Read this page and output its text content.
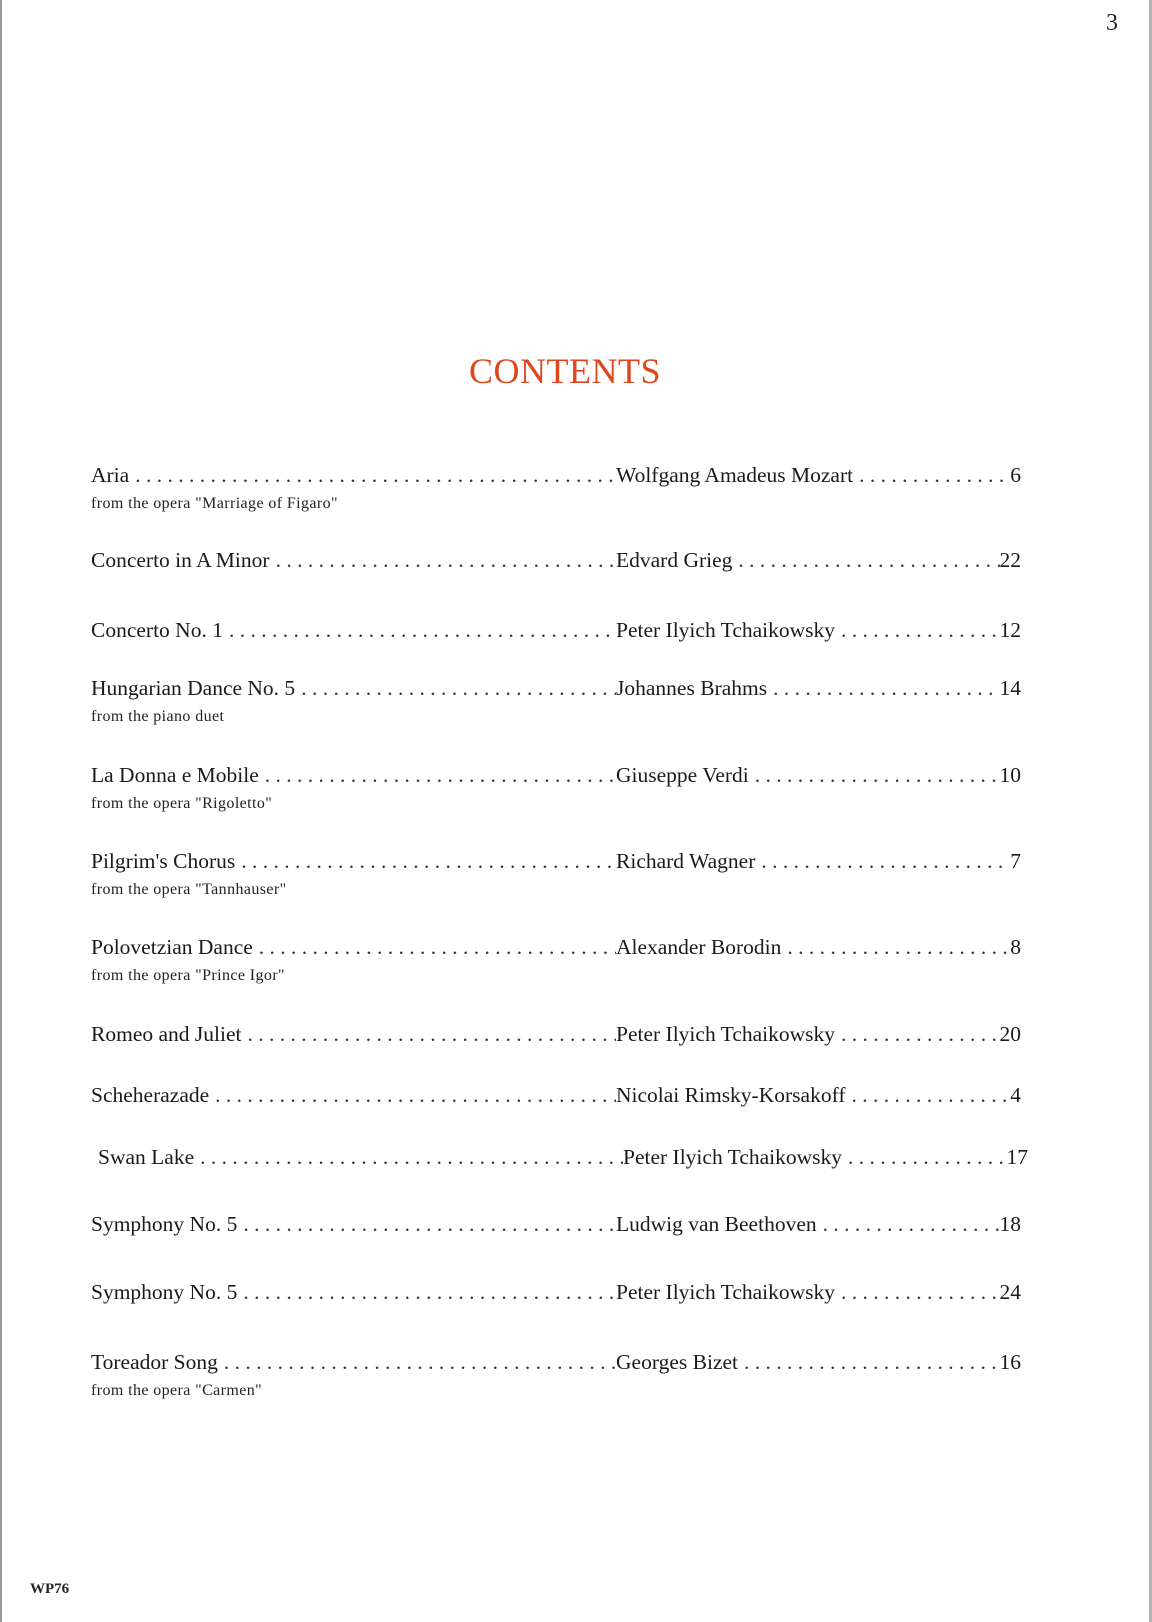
3
CONTENTS
Aria . . .	Wolfgang Amadeus Mozart . . .	6
from the opera "Marriage of Figaro"
Concerto in A Minor . . .	Edvard Grieg . . .	22
Concerto No. 1 . . .	Peter Ilyich Tchaikowsky . . .	12
Hungarian Dance No. 5 . . .	Johannes Brahms . . .	14
from the piano duet
La Donna e Mobile . . .	Giuseppe Verdi . . .	10
from the opera "Rigoletto"
Pilgrim's Chorus . . .	Richard Wagner . . .	7
from the opera "Tannhauser"
Polovetzian Dance . . .	Alexander Borodin . . .	8
from the opera "Prince Igor"
Romeo and Juliet . . .	Peter Ilyich Tchaikowsky . . .	20
Scheherazade . . .	Nicolai Rimsky-Korsakoff . . .	4
Swan Lake . . .	Peter Ilyich Tchaikowsky . . .	17
Symphony No. 5 . . .	Ludwig van Beethoven . . .	18
Symphony No. 5 . . .	Peter Ilyich Tchaikowsky . . .	24
Toreador Song . . .	Georges Bizet . . .	16
from the opera "Carmen"
WP76
